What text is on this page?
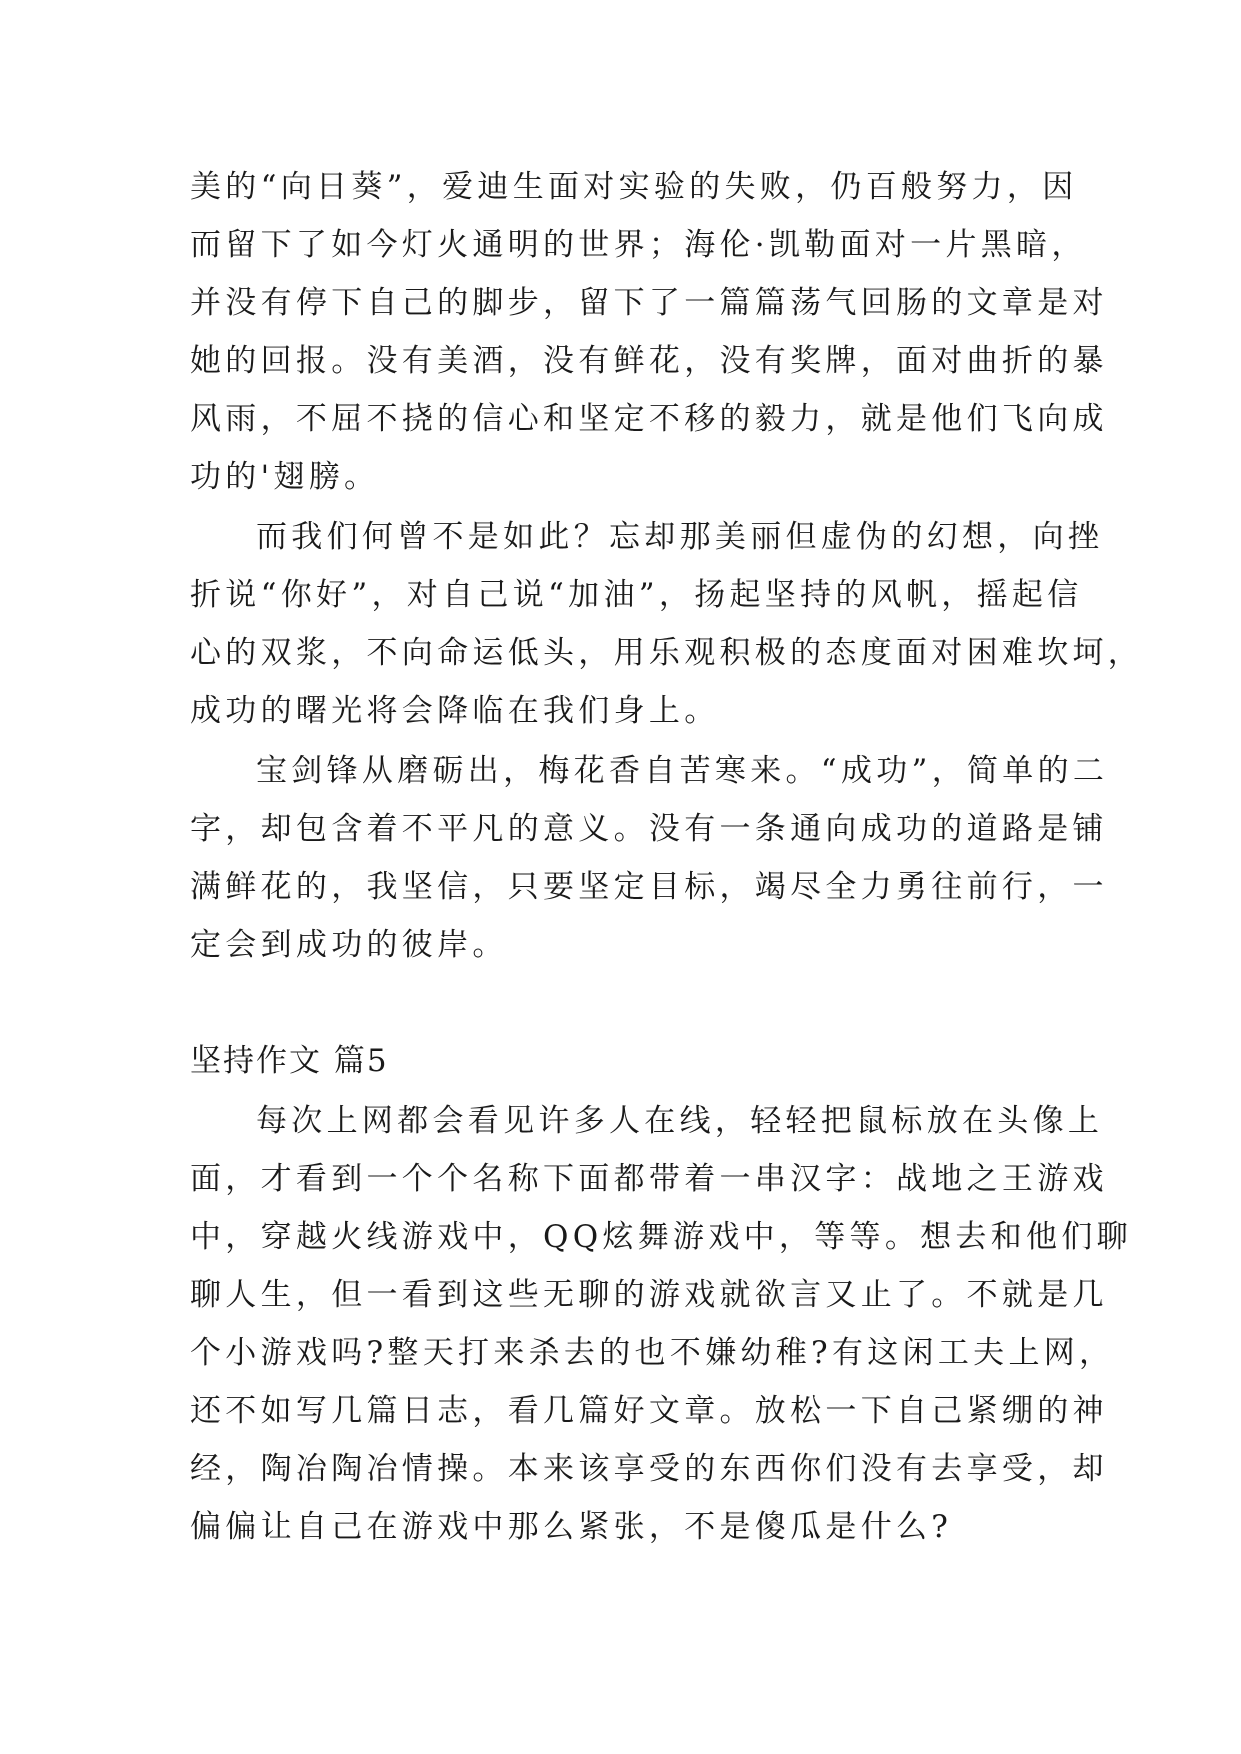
美的“向日葵”，爱迪生面对实验的失败，仍百般努力，因
而留下了如今灯火通明的世界；海伦·凯勒面对一片黑暗，
并没有停下自己的脚步，留下了一篇篇荡气回肠的文章是对
她的回报。没有美酒，没有鲜花，没有奖牌，面对曲折的暴
风雨，不屈不挠的信心和坚定不移的毅力，就是他们飞向成
功的'翅膀。
而我们何曾不是如此？忘却那美丽但虚伪的幻想，向挫
折说“你好”，对自己说“加油”，扬起坚持的风帆，摇起信
心的双浆，不向命运低头，用乐观积极的态度面对困难坎坷，
成功的曙光将会降临在我们身上。
宝剑锋从磨砺出，梅花香自苦寒来。“成功”，简单的二
字，却包含着不平凡的意义。没有一条通向成功的道路是铺
满鲜花的，我坚信，只要坚定目标，竭尽全力勇往前行，一
定会到成功的彼岸。
坚持作文 篇5
每次上网都会看见许多人在线，轻轻把鼠标放在头像上
面，才看到一个个名称下面都带着一串汉字：战地之王游戏
中，穿越火线游戏中，QQ炫舞游戏中，等等。想去和他们聊
聊人生，但一看到这些无聊的游戏就欲言又止了。不就是几
个小游戏吗?整天打来杀去的也不嫌幼稚?有这闲工夫上网，
还不如写几篇日志，看几篇好文章。放松一下自己紧绷的神
经，陶冶陶冶情操。本来该享受的东西你们没有去享受，却
偏偏让自己在游戏中那么紧张，不是傻瓜是什么?
